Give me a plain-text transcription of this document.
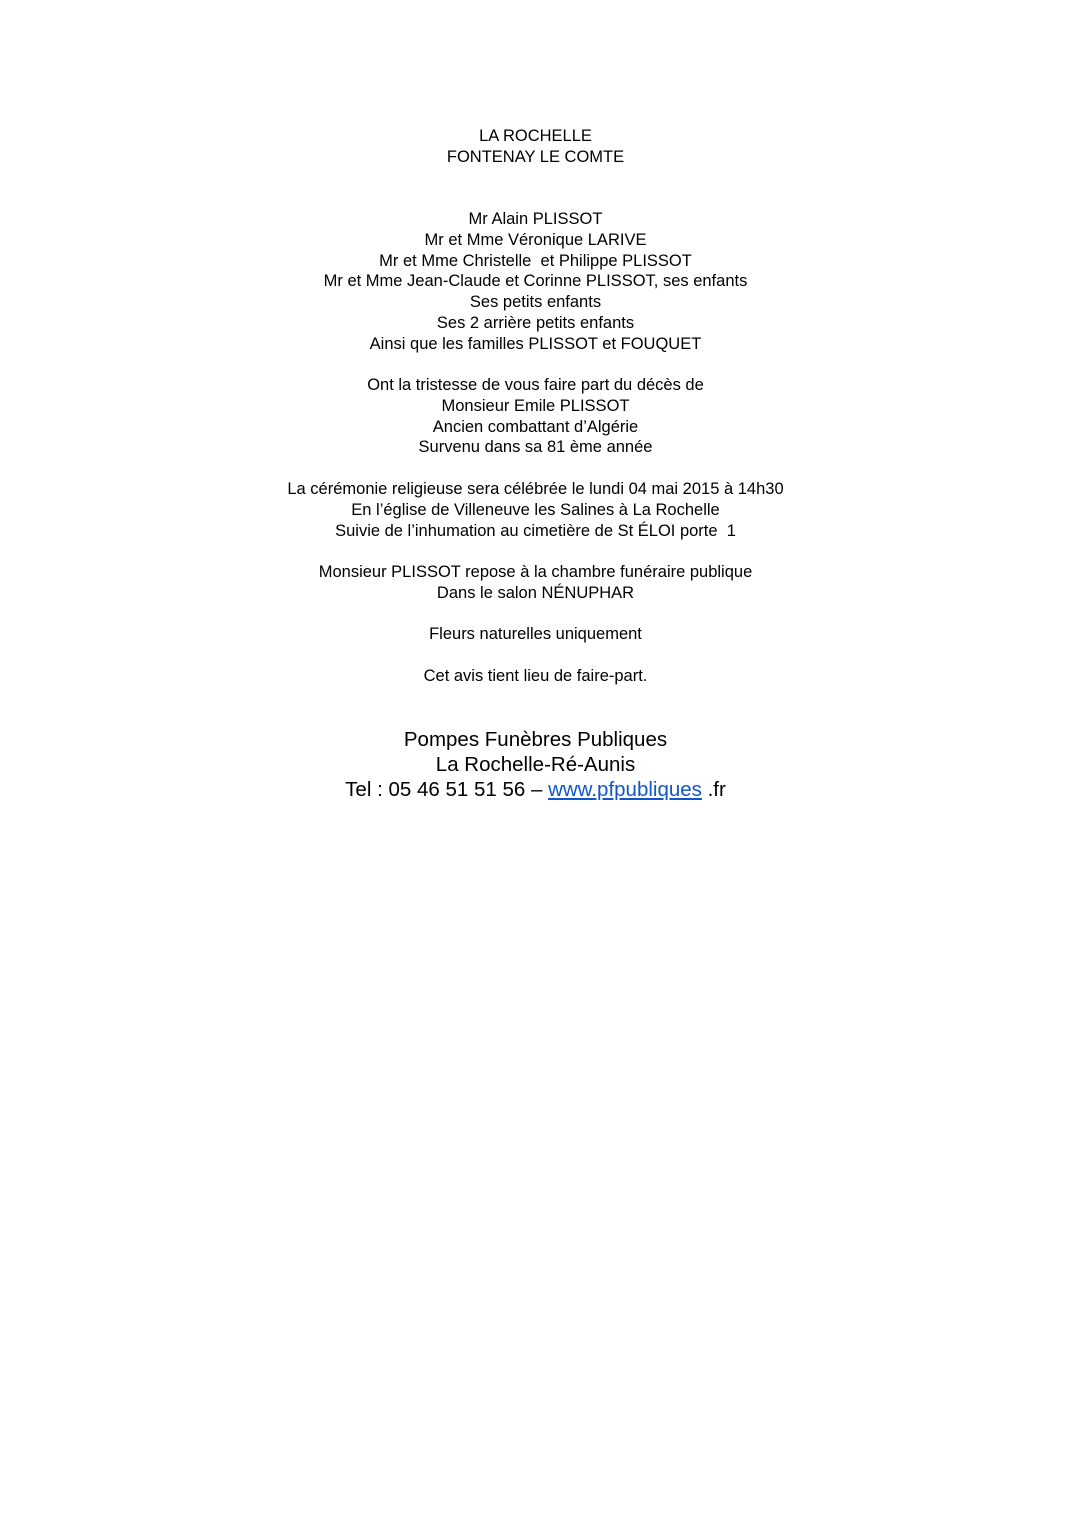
LA ROCHELLE
FONTENAY LE COMTE
Mr Alain PLISSOT
Mr et Mme Véronique LARIVE
Mr et Mme Christelle  et Philippe PLISSOT
Mr et Mme Jean-Claude et Corinne PLISSOT, ses enfants
Ses petits enfants
Ses 2 arrière petits enfants
Ainsi que les familles PLISSOT et FOUQUET
Ont la tristesse de vous faire part du décès de
Monsieur Emile PLISSOT
Ancien combattant d’Algérie
Survenu dans sa 81 ème année
La cérémonie religieuse sera célébrée le lundi 04 mai 2015 à 14h30
En l’église de Villeneuve les Salines à La Rochelle
Suivie de l’inhumation au cimetière de St ÉLOI porte  1
Monsieur PLISSOT repose à la chambre funéraire publique
Dans le salon NÉNUPHAR
Fleurs naturelles uniquement
Cet avis tient lieu de faire-part.
Pompes Funèbres Publiques
La Rochelle-Ré-Aunis
Tel : 05 46 51 51 56 – www.pfpubliques .fr
